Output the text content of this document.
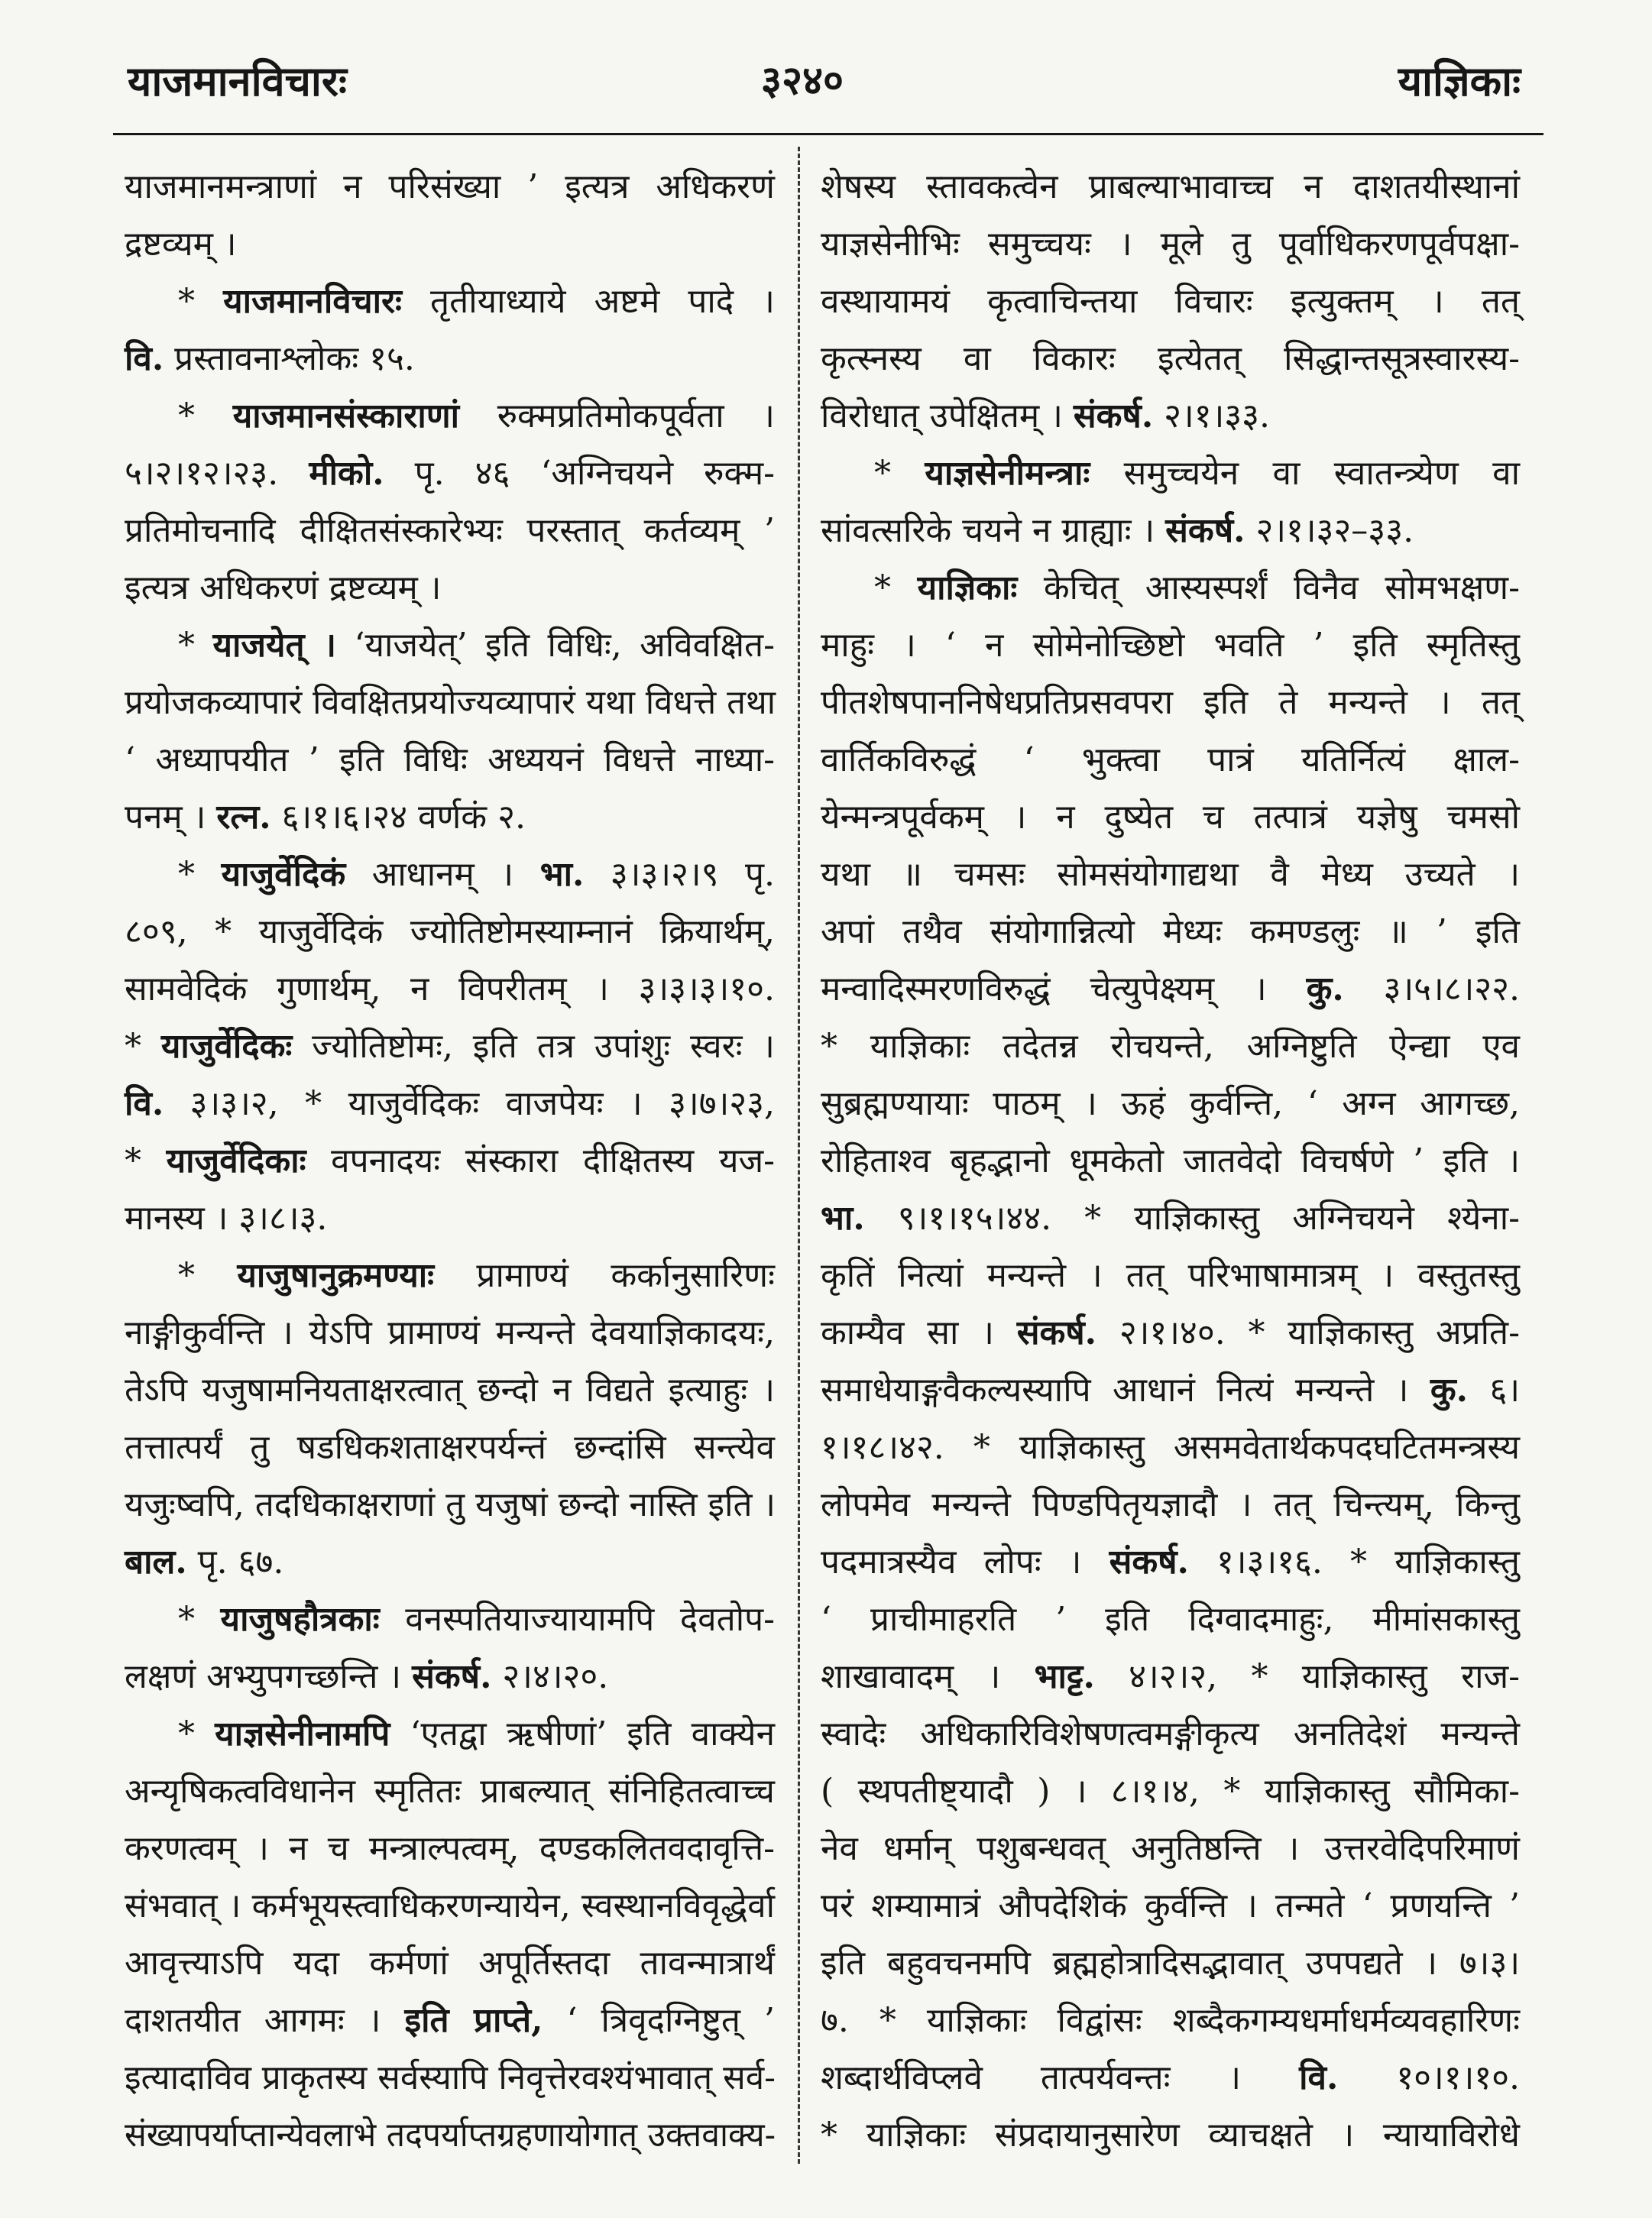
याजमानविचारः	३२४०	याज्ञिकाः
याजमानमन्त्राणां न परिसंख्या ’ इत्यत्र अधिकरणं
द्रष्टव्यम् ।
* याजमानविचारः तृतीयाध्याये अष्टमे पादे ।
वि. प्रस्तावनाश्लोकः १५.
* याजमानसंस्काराणां रुक्मप्रतिमोकपूर्वता ।
५।२।१२।२३. मीको. पृ. ४६ ‘अग्निचयने रुक्म-
प्रतिमोचनादि दीक्षितसंस्कारेभ्यः परस्तात् कर्तव्यम् ’
इत्यत्र अधिकरणं द्रष्टव्यम् ।
* याजयेत् । ‘याजयेत्’ इति विधिः, अविवक्षित-
प्रयोजकव्यापारं विवक्षितप्रयोज्यव्यापारं यथा विधत्ते तथा
‘ अध्यापयीत ’ इति विधिः अध्ययनं विधत्ते नाध्या-
पनम् । रत्न. ६।१।६।२४ वर्णकं २.
* याजुर्वेदिकं आधानम् । भा. ३।३।२।९ पृ.
८०९, * याजुर्वेदिकं ज्योतिष्टोमस्याम्नानं क्रियार्थम्,
सामवेदिकं गुणार्थम्, न विपरीतम् । ३।३।३।१०.
* याजुर्वेदिकः ज्योतिष्टोमः, इति तत्र उपांशुः स्वरः ।
वि. ३।३।२, * याजुर्वेदिकः वाजपेयः । ३।७।२३,
* याजुर्वेदिकाः वपनादयः संस्कारा दीक्षितस्य यज-
मानस्य । ३।८।३.
* याजुषानुक्रमण्याः प्रामाण्यं कर्कानुसारिणः
नाङ्गीकुर्वन्ति । येऽपि प्रामाण्यं मन्यन्ते देवयाज्ञिकादयः,
तेऽपि यजुषामनियताक्षरत्वात् छन्दो न विद्यते इत्याहुः ।
तत्तात्पर्यं तु षडधिकशताक्षरपर्यन्तं छन्दांसि सन्त्येव
यजुःष्वपि, तदधिकाक्षराणां तु यजुषां छन्दो नास्ति इति ।
बाल. पृ. ६७.
* याजुषहौत्रकाः वनस्पतियाज्यायामपि देवतोप-
लक्षणं अभ्युपगच्छन्ति । संकर्ष. २।४।२०.
* याज्ञसेनीनामपि ‘एतद्वा ऋषीणां’ इति वाक्येन
अन्यृषिकत्वविधानेन स्मृतितः प्राबल्यात् संनिहितत्वाच्च
करणत्वम् । न च मन्त्राल्पत्वम्, दण्डकलितवदावृत्ति-
संभवात् । कर्मभूयस्त्वाधिकरणन्यायेन, स्वस्थानविवृद्धेर्वा
आवृत्त्याऽपि यदा कर्मणां अपूर्तिस्तदा तावन्मात्रार्थं
दाशतयीत आगमः । इति प्राप्ते, ‘ त्रिवृदग्निष्टुत् ’
इत्यादाविव प्राकृतस्य सर्वस्यापि निवृत्तेरवश्यंभावात् सर्व-
संख्यापर्याप्तान्येवलाभे तदपर्याप्तग्रहणायोगात् उक्तवाक्य-
शेषस्य स्तावकत्वेन प्राबल्याभावाच्च न दाशतयीस्थानां
याज्ञसेनीभिः समुच्चयः । मूले तु पूर्वाधिकरणपूर्वपक्षा-
वस्थायामयं कृत्वाचिन्तया विचारः इत्युक्तम् । तत्
कृत्स्नस्य वा विकारः इत्येतत् सिद्धान्तसूत्रस्वारस्य-
विरोधात् उपेक्षितम् । संकर्ष. २।१।३३.
* याज्ञसेनीमन्त्राः समुच्चयेन वा स्वातन्त्र्येण वा
सांवत्सरिके चयने न ग्राह्याः । संकर्ष. २।१।३२–३३.
* याज्ञिकाः केचित् आस्यस्पर्शं विनैव सोमभक्षण-
माहुः । ‘ न सोमेनोच्छिष्टो भवति ’ इति स्मृतिस्तु
पीतशेषपाननिषेधप्रतिप्रसवपरा इति ते मन्यन्ते । तत्
वार्तिकविरुद्धं ‘ भुक्त्वा पात्रं यतिर्नित्यं क्षाल-
येन्मन्त्रपूर्वकम् । न दुष्येत च तत्पात्रं यज्ञेषु चमसो
यथा ॥ चमसः सोमसंयोगाद्यथा वै मेध्य उच्यते ।
अपां तथैव संयोगान्नित्यो मेध्यः कमण्डलुः ॥ ’ इति
मन्वादिस्मरणविरुद्धं चेत्युपेक्ष्यम् । कु. ३।५।८।२२.
* याज्ञिकाः तदेतन्न रोचयन्ते, अग्निष्टुति ऐन्द्या एव
सुब्रह्मण्यायाः पाठम् । ऊहं कुर्वन्ति, ‘ अग्न आगच्छ,
रोहिताश्व बृहद्भानो धूमकेतो जातवेदो विचर्षणे ’ इति ।
भा. ९।१।१५।४४. * याज्ञिकास्तु अग्निचयने श्येना-
कृतिं नित्यां मन्यन्ते । तत् परिभाषामात्रम् । वस्तुतस्तु
काम्यैव सा । संकर्ष. २।१।४०. * याज्ञिकास्तु अप्रति-
समाधेयाङ्गवैकल्यस्यापि आधानं नित्यं मन्यन्ते । कु. ६।
१।१८।४२. * याज्ञिकास्तु असमवेतार्थकपदघटितमन्त्रस्य
लोपमेव मन्यन्ते पिण्डपितृयज्ञादौ । तत् चिन्त्यम्, किन्तु
पदमात्रस्यैव लोपः । संकर्ष. १।३।१६. * याज्ञिकास्तु
‘ प्राचीमाहरति ’ इति दिग्वादमाहुः, मीमांसकास्तु
शाखावादम् । भाट्ट. ४।२।२, * याज्ञिकास्तु राज-
स्वादेः अधिकारिविशेषणत्वमङ्गीकृत्य अनतिदेशं मन्यन्ते
( स्थपतीष्ट्यादौ ) । ८।१।४, * याज्ञिकास्तु सौमिका-
नेव धर्मान् पशुबन्धवत् अनुतिष्ठन्ति । उत्तरवेदिपरिमाणं
परं शम्यामात्रं औपदेशिकं कुर्वन्ति । तन्मते ‘ प्रणयन्ति ’
इति बहुवचनमपि ब्रह्महोत्रादिसद्भावात् उपपद्यते । ७।३।
७. * याज्ञिकाः विद्वांसः शब्दैकगम्यधर्माधर्मव्यवहारिणः
शब्दार्थविप्लवे तात्पर्यवन्तः । वि. १०।१।१०.
* याज्ञिकाः संप्रदायानुसारेण व्याचक्षते । न्यायाविरोधे
